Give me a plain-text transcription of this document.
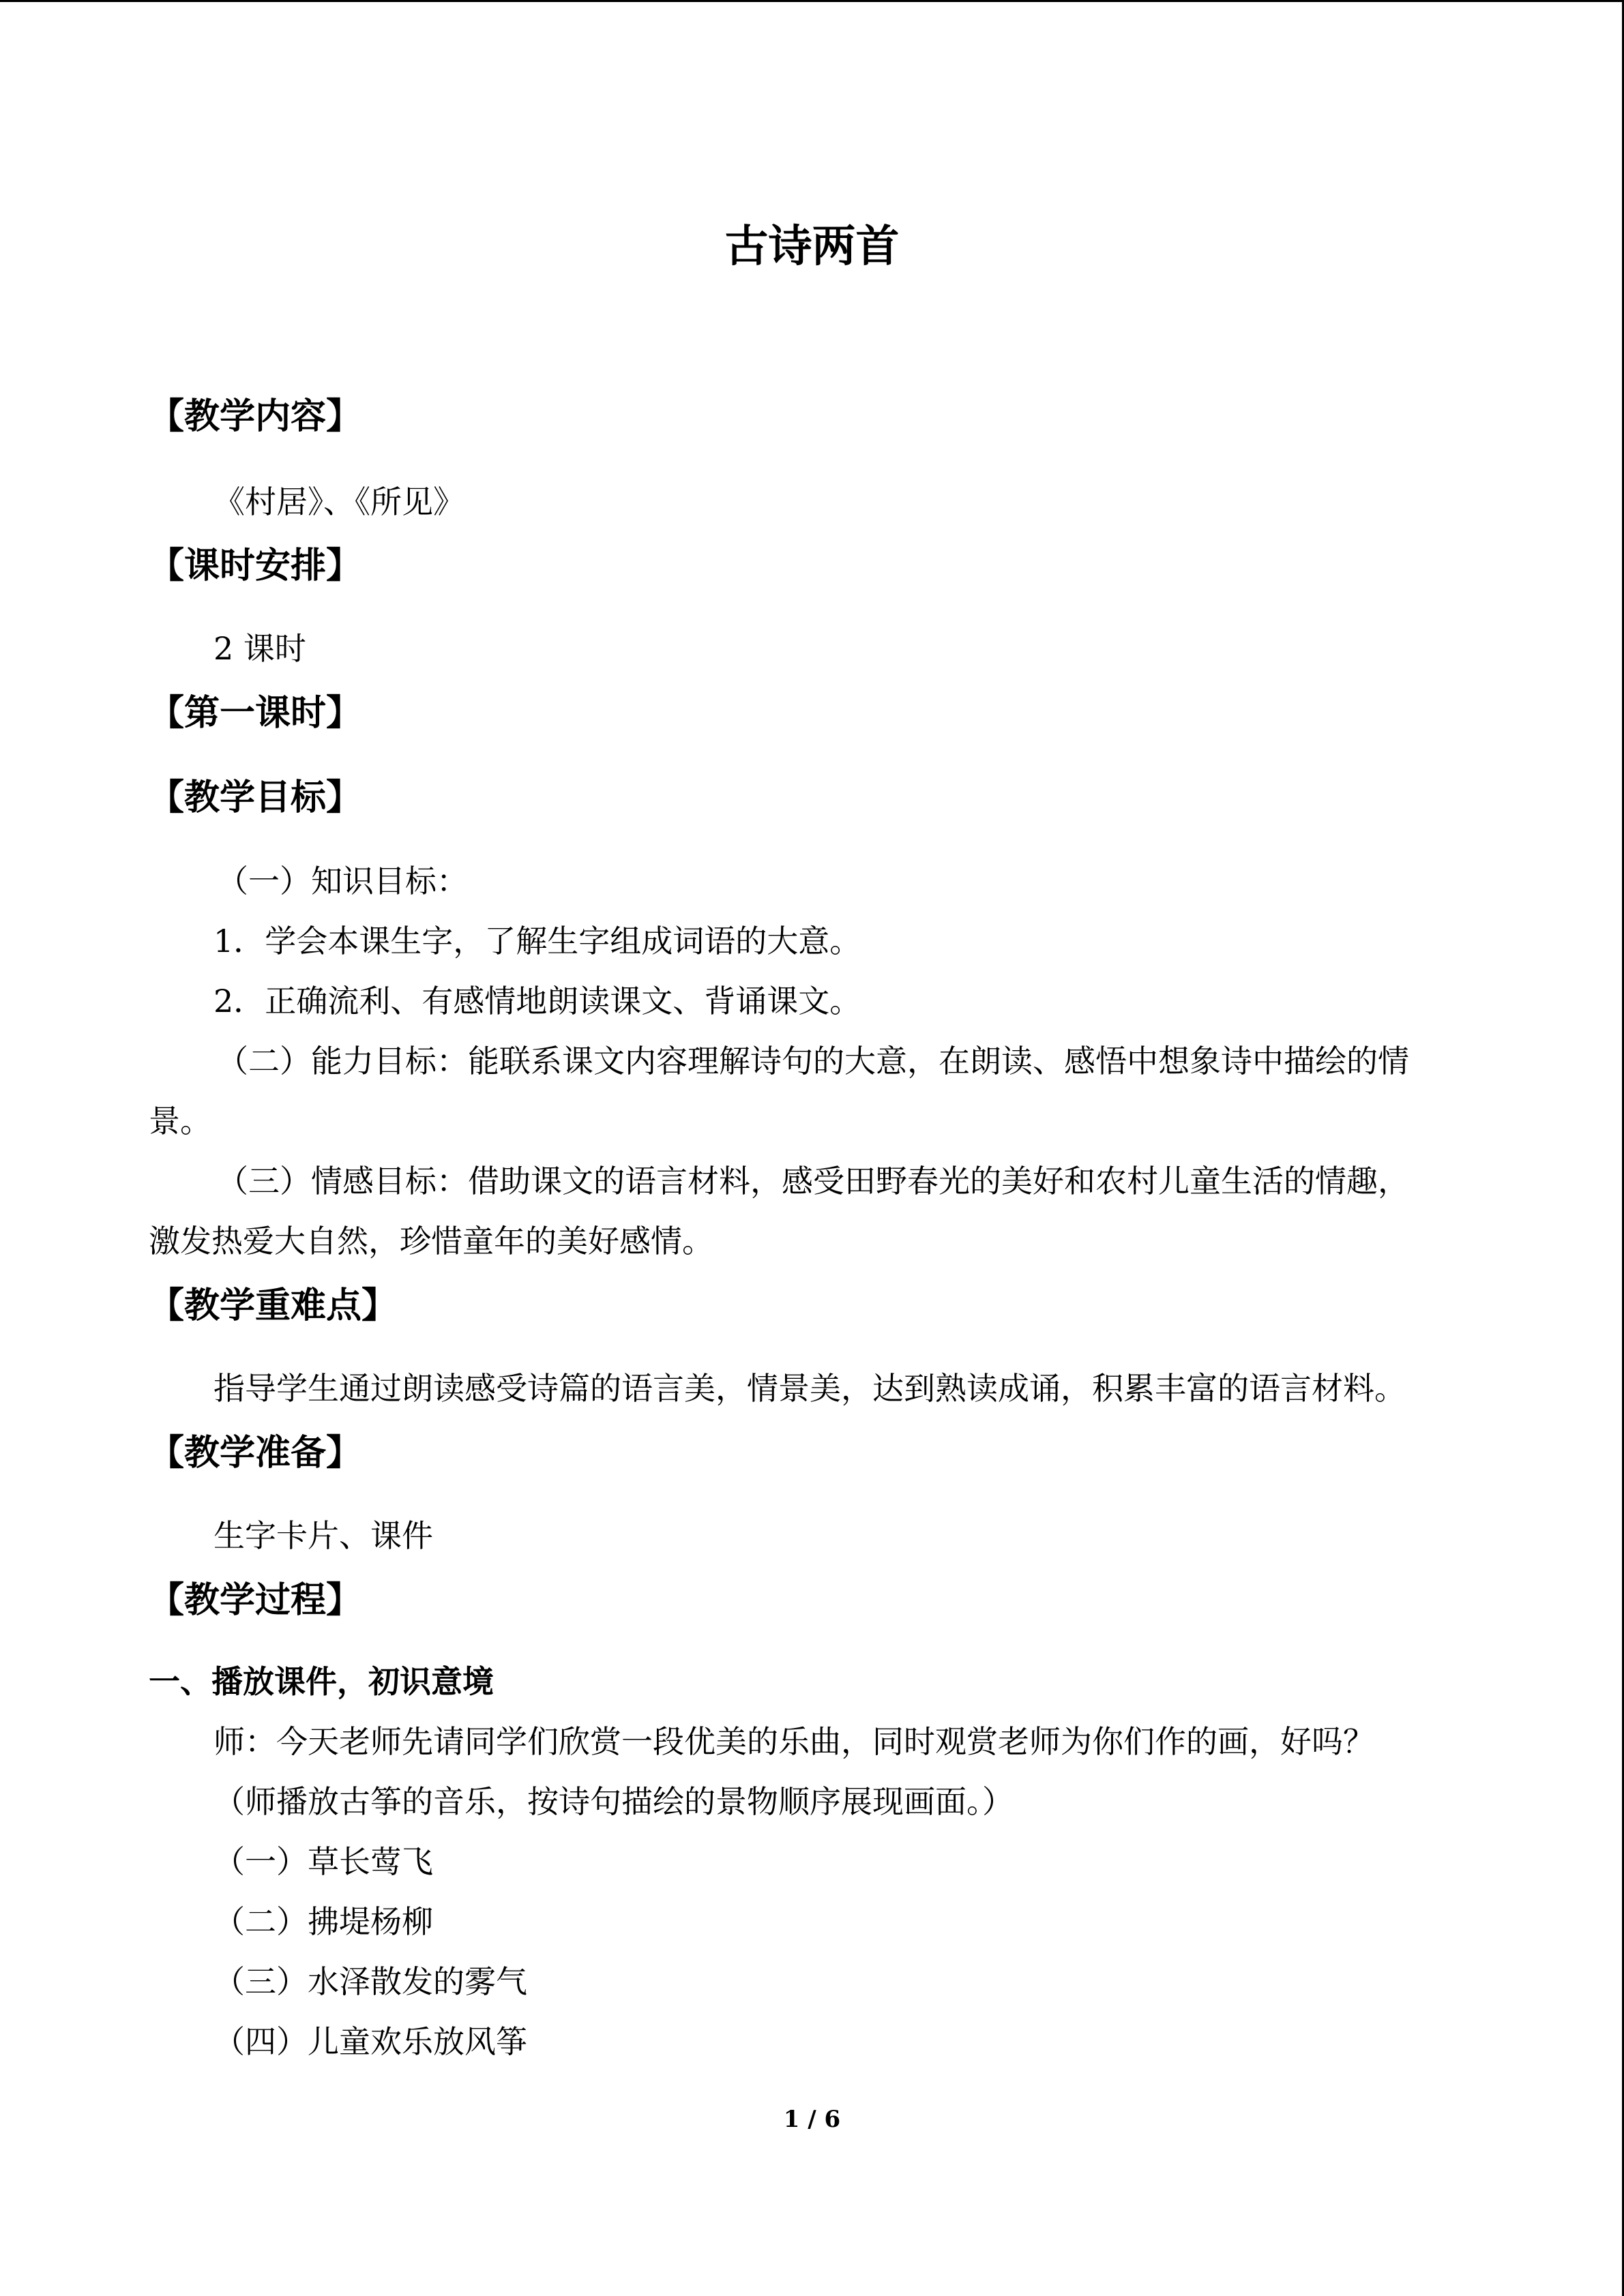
古诗两首
【教学内容】
《村居》、《所见》
【课时安排】
2 课时
【第一课时】
【教学目标】
（一）知识目标：
1．学会本课生字，了解生字组成词语的大意。
2．正确流利、有感情地朗读课文、背诵课文。
（二）能力目标：能联系课文内容理解诗句的大意，在朗读、感悟中想象诗中描绘的情
景。
（三）情感目标：借助课文的语言材料，感受田野春光的美好和农村儿童生活的情趣，
激发热爱大自然，珍惜童年的美好感情。
【教学重难点】
指导学生通过朗读感受诗篇的语言美，情景美，达到熟读成诵，积累丰富的语言材料。
【教学准备】
生字卡片、课件
【教学过程】
一、播放课件，初识意境
师：今天老师先请同学们欣赏一段优美的乐曲，同时观赏老师为你们作的画，好吗？
（师播放古筝的音乐，按诗句描绘的景物顺序展现画面。）
（一）草长莺飞
（二）拂堤杨柳
（三）水泽散发的雾气
（四）儿童欢乐放风筝
1 / 6
